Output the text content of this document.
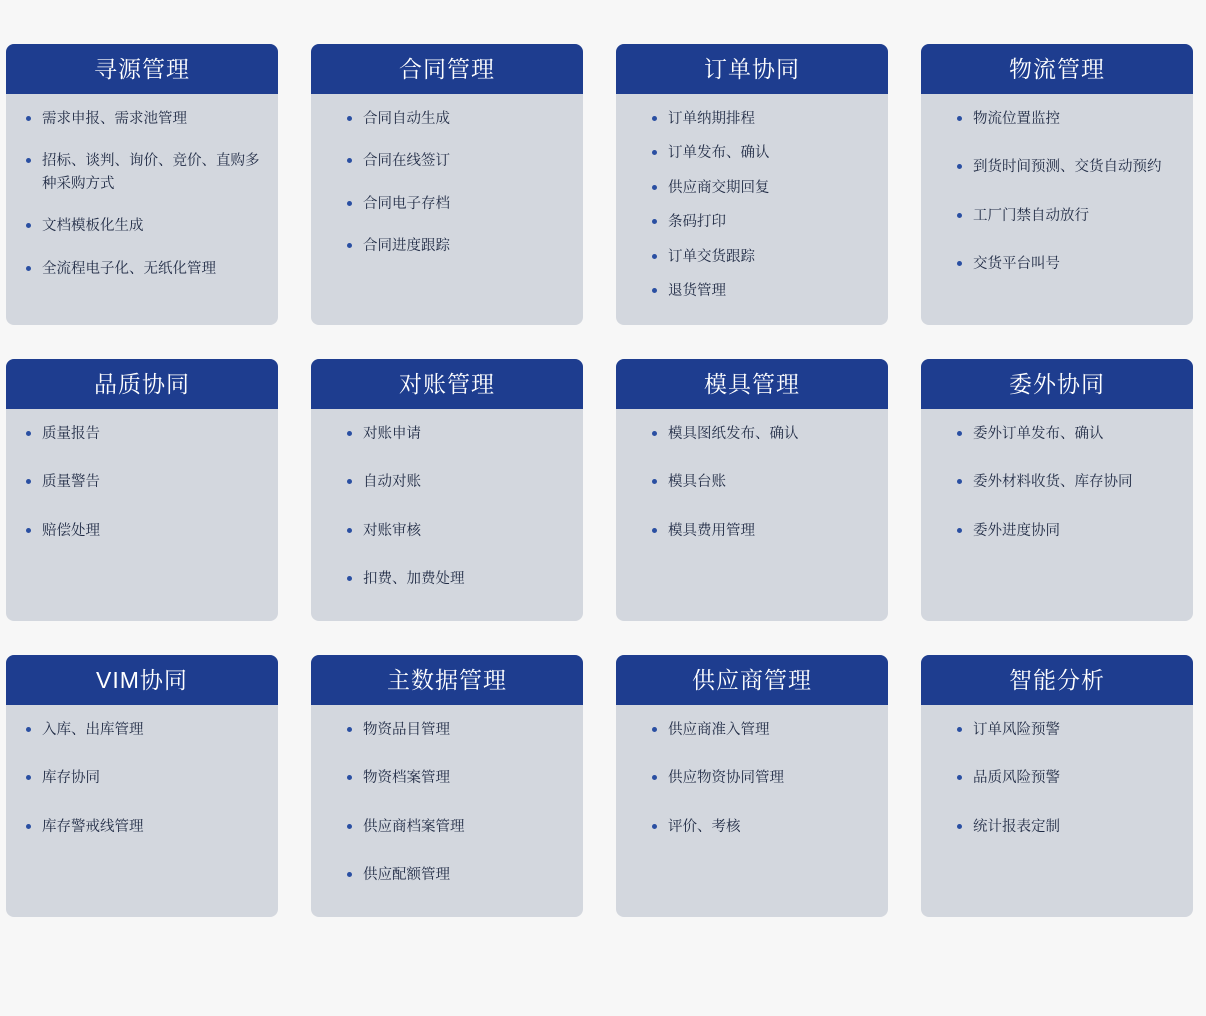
寻源管理
需求申报、需求池管理
招标、谈判、询价、竞价、直购多种采购方式
文档模板化生成
全流程电子化、无纸化管理
合同管理
合同自动生成
合同在线签订
合同电子存档
合同进度跟踪
订单协同
订单纳期排程
订单发布、确认
供应商交期回复
条码打印
订单交货跟踪
退货管理
物流管理
物流位置监控
到货时间预测、交货自动预约
工厂门禁自动放行
交货平台叫号
品质协同
质量报告
质量警告
赔偿处理
对账管理
对账申请
自动对账
对账审核
扣费、加费处理
模具管理
模具图纸发布、确认
模具台账
模具费用管理
委外协同
委外订单发布、确认
委外材料收货、库存协同
委外进度协同
VIM协同
入库、出库管理
库存协同
库存警戒线管理
主数据管理
物资品目管理
物资档案管理
供应商档案管理
供应配额管理
供应商管理
供应商准入管理
供应物资协同管理
评价、考核
智能分析
订单风险预警
品质风险预警
统计报表定制
